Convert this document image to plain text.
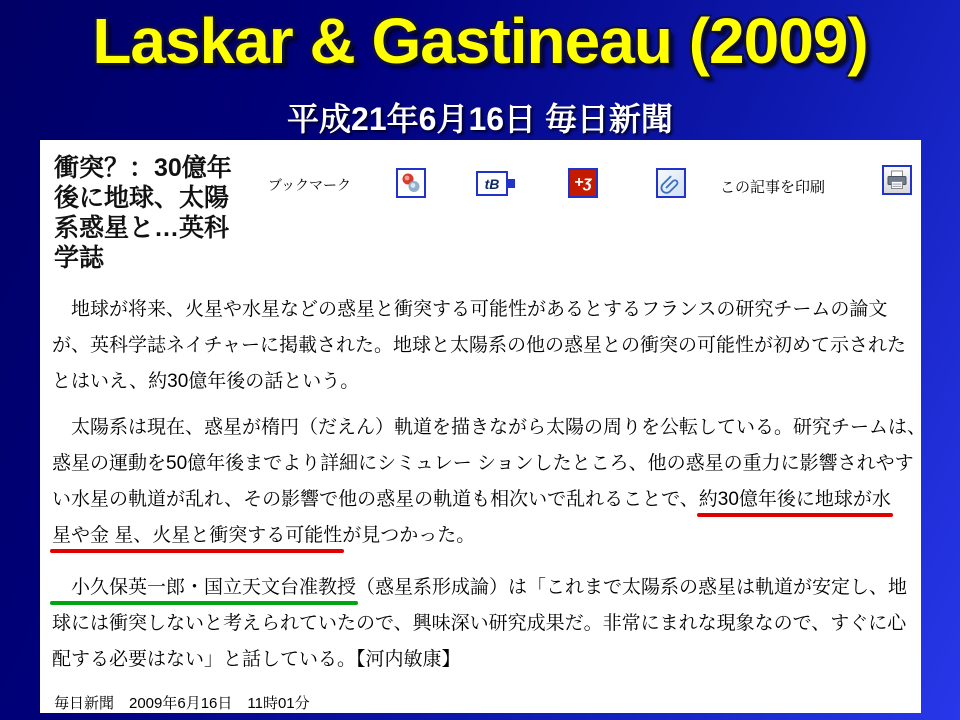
Laskar & Gastineau (2009)
平成21年6月16日 毎日新聞
衝突？：30億年
後に地球、太陽
系惑星と…英科
学誌
ブックマーク	tB	+ʒ	この記事を印刷
　地球が将来、火星や水星などの惑星と衝突する可能性があるとするフランスの研究チームの論文
が、英科学誌ネイチャーに掲載された。地球と太陽系の他の惑星との衝突の可能性が初めて示された
とはいえ、約30億年後の話という。
　太陽系は現在、惑星が楕円（だえん）軌道を描きながら太陽の周りを公転している。研究チームは、
惑星の運動を50億年後までより詳細にシミュレー ションしたところ、他の惑星の重力に影響されやす
い水星の軌道が乱れ、その影響で他の惑星の軌道も相次いで乱れることで、約30億年後に地球が水
星や金 星、火星と衝突する可能性が見つかった。
　小久保英一郎・国立天文台准教授（惑星系形成論）は「これまで太陽系の惑星は軌道が安定し、地
球には衝突しないと考えられていたので、興味深い研究成果だ。非常にまれな現象なので、すぐに心
配する必要はない」と話している。【河内敏康】
毎日新聞　2009年6月16日　11時01分
